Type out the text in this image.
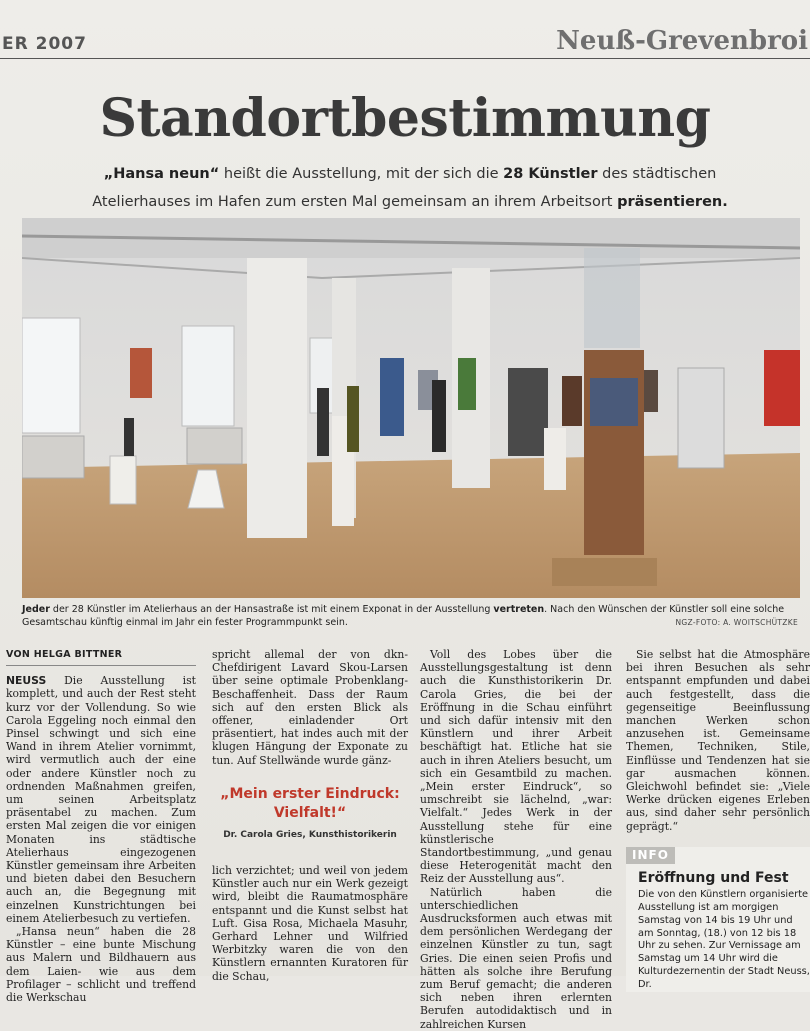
ER 2007	Neuß-Grevenbroi
Standortbestimmung
„Hansa neun“ heißt die Ausstellung, mit der sich die 28 Künstler des städtischen Atelierhauses im Hafen zum ersten Mal gemeinsam an ihrem Arbeitsort präsentieren.
Jeder der 28 Künstler im Atelierhaus an der Hansastraße ist mit einem Exponat in der Ausstellung vertreten. Nach den Wünschen der Künstler soll eine solche Gesamtschau künftig einmal im Jahr ein fester Programmpunkt sein.	NGZ-FOTO: A. WOITSCHÜTZKE

VON HELGA BITTNER

NEUSS Die Ausstellung ist komplett, und auch der Rest steht kurz vor der Vollendung. So wie Carola Eggeling noch einmal den Pinsel schwingt und sich eine Wand in ihrem Atelier vornimmt, wird vermutlich auch der eine oder andere Künstler noch zu ordnenden Maßnahmen greifen, um seinen Arbeitsplatz präsentabel zu machen. Zum ersten Mal zeigen die vor einigen Monaten ins städtische Atelierhaus eingezogenen Künstler gemeinsam ihre Arbeiten und bieten dabei den Besuchern auch an, die Begegnung mit einzelnen Kunstrichtungen bei einem Atelierbesuch zu vertiefen.

„Hansa neun“ haben die 28 Künstler – eine bunte Mischung aus Malern und Bildhauern aus dem Laien- wie aus dem Profilager – schlicht und treffend die Werkschau

spricht allemal der von dkn-Chefdirigent Lavard Skou-Larsen über seine optimale Probenklang-Beschaffenheit. Dass der Raum sich auf den ersten Blick als offener, einladender Ort präsentiert, hat indes auch mit der klugen Hängung der Exponate zu tun. Auf Stellwände wurde gänz-

„Mein erster Eindruck: Vielfalt!“
Dr. Carola Gries, Kunsthistorikerin

lich verzichtet; und weil von jedem Künstler auch nur ein Werk gezeigt wird, bleibt die Raumatmosphäre entspannt und die Kunst selbst hat Luft. Gisa Rosa, Michaela Masuhr, Gerhard Lehner und Wilfried Werbitzky waren die von den Künstlern ernannten Kuratoren für die Schau,

Voll des Lobes über die Ausstellungsgestaltung ist denn auch die Kunsthistorikerin Dr. Carola Gries, die bei der Eröffnung in die Schau einführt und sich dafür intensiv mit den Künstlern und ihrer Arbeit beschäftigt hat. Etliche hat sie auch in ihren Ateliers besucht, um sich ein Gesamtbild zu machen. „Mein erster Eindruck“, so umschreibt sie lächelnd, „war: Vielfalt.“ Jedes Werk in der Ausstellung stehe für eine künstlerische Standortbestimmung, „und genau diese Heterogenität macht den Reiz der Ausstellung aus“.

Natürlich haben die unterschiedlichen Ausdrucksformen auch etwas mit dem persönlichen Werdegang der einzelnen Künstler zu tun, sagt Gries. Die einen seien Profis und hätten als solche ihre Berufung zum Beruf gemacht; die anderen sich neben ihren erlernten Berufen autodidaktisch und in zahlreichen Kursen

Sie selbst hat die Atmosphäre bei ihren Besuchen als sehr entspannt empfunden und dabei auch festgestellt, dass die gegenseitige Beeinflussung manchen Werken schon anzusehen ist. Gemeinsame Themen, Techniken, Stile, Einflüsse und Tendenzen hat sie gar ausmachen können. Gleichwohl befindet sie: „Viele Werke drücken eigenes Erleben aus, sind daher sehr persönlich geprägt.“

INFO
Eröffnung und Fest
Die von den Künstlern organisierte Ausstellung ist am morgigen Samstag von 14 bis 19 Uhr und am Sonntag, (18.) von 12 bis 18 Uhr zu sehen. Zur Vernissage am Samstag um 14 Uhr wird die Kulturdezernentin der Stadt Neuss, Dr.
